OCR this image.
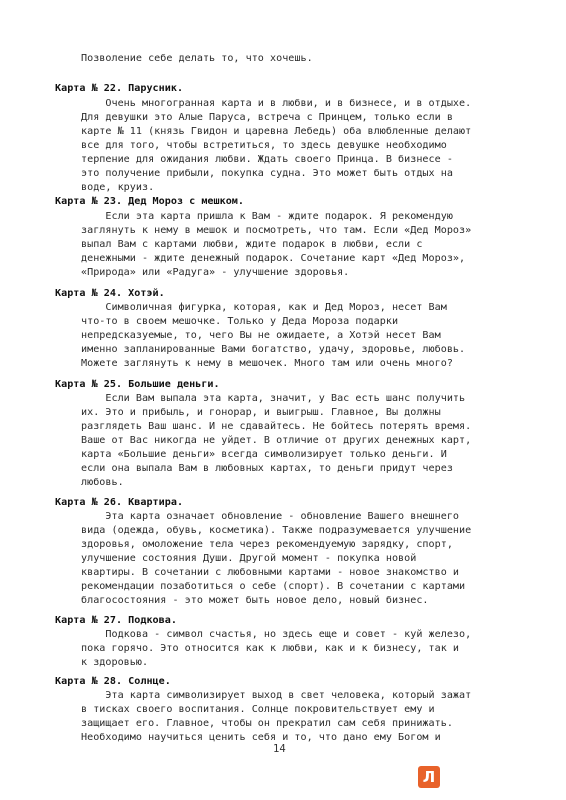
Позволение себе делать то, что хочешь.
Карта № 22. Парусник.
Очень многогранная карта и в любви, и в бизнесе, и в отдыхе.
Для девушки это Алые Паруса, встреча с Принцем, только если в
карте № 11 (князь Гвидон и царевна Лебедь) оба влюбленные делают
все для того, чтобы встретиться, то здесь девушке необходимо
терпение для ожидания любви. Ждать своего Принца. В бизнесе -
это получение прибыли, покупка судна. Это может быть отдых на
воде, круиз.
Карта № 23. Дед Мороз с мешком.
Если эта карта пришла к Вам - ждите подарок. Я рекомендую
заглянуть к нему в мешок и посмотреть, что там. Если «Дед Мороз»
выпал Вам с картами любви, ждите подарок в любви, если с
денежными - ждите денежный подарок. Сочетание карт «Дед Мороз»,
«Природа» или «Радуга» - улучшение здоровья.
Карта № 24. Хотэй.
Символичная фигурка, которая, как и Дед Мороз, несет Вам
что-то в своем мешочке. Только у Деда Мороза подарки
непредсказуемые, то, чего Вы не ожидаете, а Хотэй несет Вам
именно запланированные Вами богатство, удачу, здоровье, любовь.
Можете заглянуть к нему в мешочек. Много там или очень много?
Карта № 25. Большие деньги.
Если Вам выпала эта карта, значит, у Вас есть шанс получить
их. Это и прибыль, и гонорар, и выигрыш. Главное, Вы должны
разглядеть Ваш шанс. И не сдавайтесь. Не бойтесь потерять время.
Ваше от Вас никогда не уйдет. В отличие от других денежных карт,
карта «Большие деньги» всегда символизирует только деньги. И
если она выпала Вам в любовных картах, то деньги придут через
любовь.
Карта № 26. Квартира.
Эта карта означает обновление - обновление Вашего внешнего
вида (одежда, обувь, косметика). Также подразумевается улучшение
здоровья, омоложение тела через рекомендуемую зарядку, спорт,
улучшение состояния Души. Другой момент - покупка новой
квартиры. В сочетании с любовными картами - новое знакомство и
рекомендации позаботиться о себе (спорт). В сочетании с картами
благосостояния - это может быть новое дело, новый бизнес.
Карта № 27. Подкова.
Подкова - символ счастья, но здесь еще и совет - куй железо,
пока горячо. Это относится как к любви, как и к бизнесу, так и
к здоровью.
Карта № 28. Солнце.
Эта карта символизирует выход в свет человека, который зажат
в тисках своего воспитания. Солнце покровительствует ему и
защищает его. Главное, чтобы он прекратил сам себя принижать.
Необходимо научиться ценить себя и то, что дано ему Богом и
14
Л
